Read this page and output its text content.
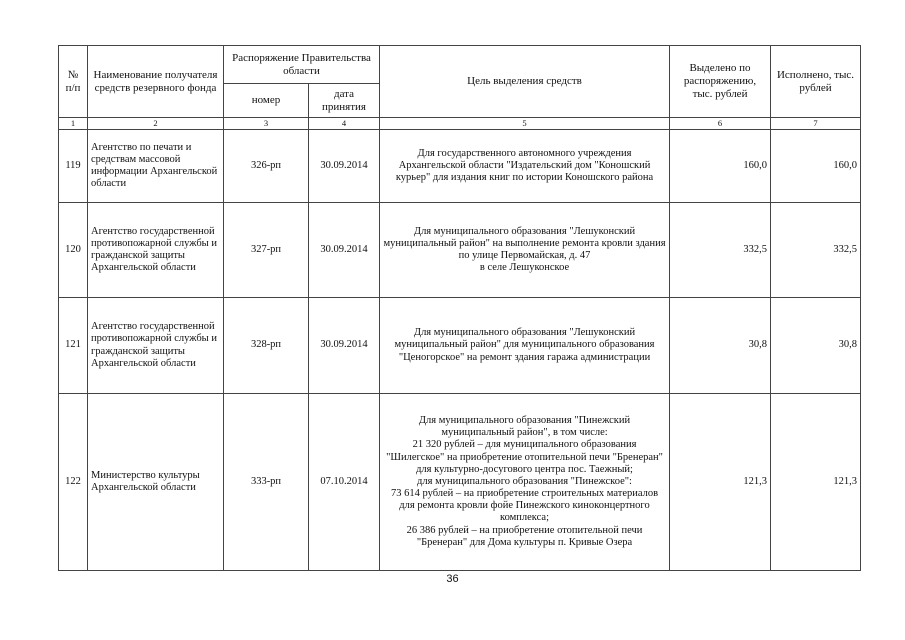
№
п/п	Наименование получателя средств резервного фонда	Распоряжение Правительства области		Цель выделения средств	Выделено по распоряжению, тыс. рублей	Исполнено, тыс. рублей
		номер	дата принятия			
1	2	3	4	5	6	7
119	Агентство по печати и средствам массовой информации Архангельской области	326-рп	30.09.2014	Для государственного автономного учреждения Архангельской области "Издательский дом "Коношский курьер" для издания книг по истории Коношского района	160,0	160,0
120	Агентство государственной противопожарной службы и гражданской защиты Архангельской области	327-рп	30.09.2014	Для муниципального образования "Лешуконский муниципальный район" на выполнение ремонта кровли здания по улице Первомайская, д. 47
в селе Лешуконское	332,5	332,5
121	Агентство государственной противопожарной службы и гражданской защиты Архангельской области	328-рп	30.09.2014	Для муниципального образования "Лешуконский муниципальный район" для муниципального образования "Ценогорское" на ремонт здания гаража администрации	30,8	30,8
122	Министерство культуры Архангельской области	333-рп	07.10.2014	Для муниципального образования "Пинежский муниципальный район", в том числе:
21 320 рублей – для муниципального образования "Шилегское" на приобретение отопительной печи "Бренеран" для культурно-досугового центра пос. Таежный;
для муниципального образования "Пинежское":
73 614 рублей – на приобретение строительных материалов для ремонта кровли фойе Пинежского киноконцертного комплекса;
26 386 рублей – на приобретение отопительной печи "Бренеран" для Дома культуры п. Кривые Озера	121,3	121,3
36
